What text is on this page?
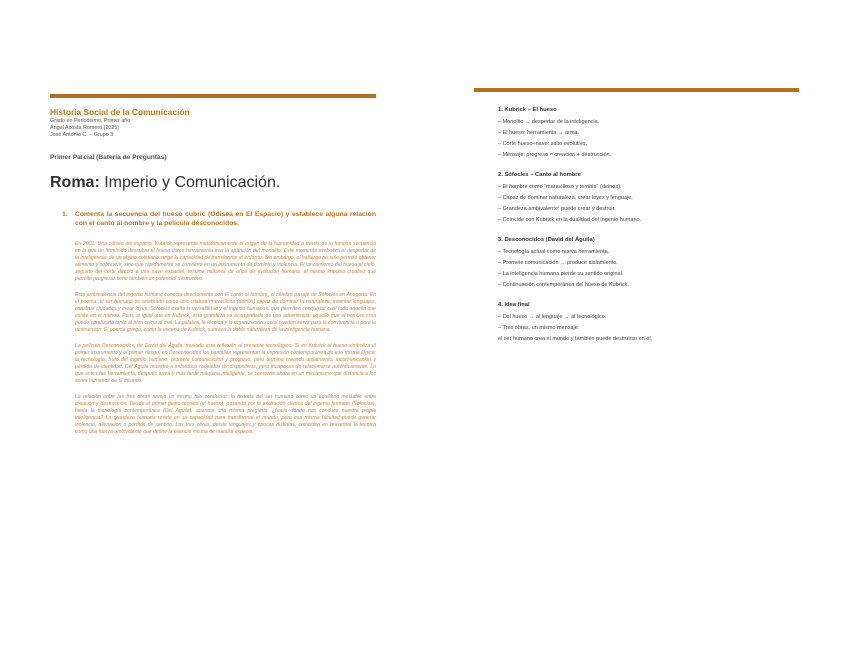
Historia Social de la Comunicación
Grado en Periodismo, Primer año
Ángel Acosta Romero (2025)
José Antonio C. – Grupo 3
Primer Parcial (Batería de Preguntas)
Roma: Imperio y Comunicación.
1.	Comenta la secuencia del hueso cubric (Odisea en El Espacio) y establece alguna relación con el canto al hombre y la película desconocidos.

En 2001. Una odisea del espacio, Kubrick representa metafóricamente el origen de la humanidad a través de la famosa secuencia en la que un homínido descubre el hueso como herramienta tras la aparición del monolito. Este momento simboliza el despertar de la inteligencia: de un objeto cotidiano surge la capacidad de transformar el entorno. Sin embargo, el hallazgo no solo permite obtener alimento y sobrevivir, sino que rápidamente se convierte en un instrumento de dominio y violencia. El lanzamiento del hueso al cielo, seguido del corte directo a una nave espacial, resume millones de años de evolución humana: el mismo impulso creativo que permite progresar tiene también un potencial destructivo.

Esta ambivalencia del ingenio humano conecta directamente con El canto al hombre, el célebre pasaje de Sófocles en Antígona. En el poema, el ser humano es celebrado como una criatura maravillosa (deinós) capaz de dominar la naturaleza, inventar lenguajes, construir ciudades y crear leyes. Sófocles exalta la versatilidad y el ingenio humanos, que permiten conquistar casi todo aquello que existe en el mundo. Pero, al igual que en Kubrick, esta grandeza va acompañada de una advertencia: aquello que el hombre crea puede conducirlo tanto al bien como al mal. La palabra, la técnica y la organización social pueden servir para la convivencia o para la destrucción. El poema griego, como la escena de Kubrick, subraya la doble naturaleza de la inteligencia humana.

La película Desconocidos, de David del Águila, traslada esta reflexión al presente tecnológico. Si en Kubrick el hueso simboliza el primer instrumento y el primer riesgo, en Desconocidos los pantallas representan la expresión contemporánea de esa misma lógica: la tecnología, fruto del ingenio humano, promete comunicación y progreso, pero termina creando aislamiento, incomunicación y pérdida de identidad. Del Águila muestra a individuos rodeados de dispositivos, pero incapaces de relacionarse auténticamente. Lo que antes fue herramienta, después arma y más tarde máquina inteligente, se convierte ahora en un mecanismo que distancia a los seres humanos de sí mismos.

La relación entre las tres obras revela un mismo hilo conductor: la historia del ser humano como un equilibrio inestable entre creación y destrucción. Desde el primer gesto técnico (el hueso), pasando por la exaltación clásica del ingenio humano (Sófocles), hasta la tecnología contemporánea (Del Águila), aparece una misma pregunta: ¿hacia dónde nos conduce nuestra propia inteligencia? La grandeza humana reside en su capacidad para transformar el mundo, pero esa misma facultad puede generar violencia, alienación o pérdida de sentido. Las tres obras, desde lenguajes y épocas distintas, coinciden en presentar la técnica como una fuerza ambivalente que define la esencia misma de nuestra especie.

1. Kubrick – El hueso
– Monolito → despertar de la inteligencia.
– El hueso: herramienta → arma.
– Corte hueso–nave: salto evolutivo.
– Mensaje: progreso = creación + destrucción.
2. Sófocles – Canto al hombre
– El hombre como "maravilloso y terrible" (deinós).
– Capaz de dominar naturaleza, crear leyes y lenguaje.
– Grandeza ambivalente: puede crear y destruir.
– Coincide con Kubrick en la dualidad del ingenio humano.
3. Desconocidos (David del Águila)
– Tecnología actual como nueva herramienta.
– Promete comunicación → produce aislamiento.
– La inteligencia humana pierde su sentido original.
– Continuación contemporánea del hueso de Kubrick.
4. Idea final
– Del hueso → al lenguaje → al tecnológico.
– Tres obras, un mismo mensaje:
el ser humano crea el mundo y también puede destruirse en él.
